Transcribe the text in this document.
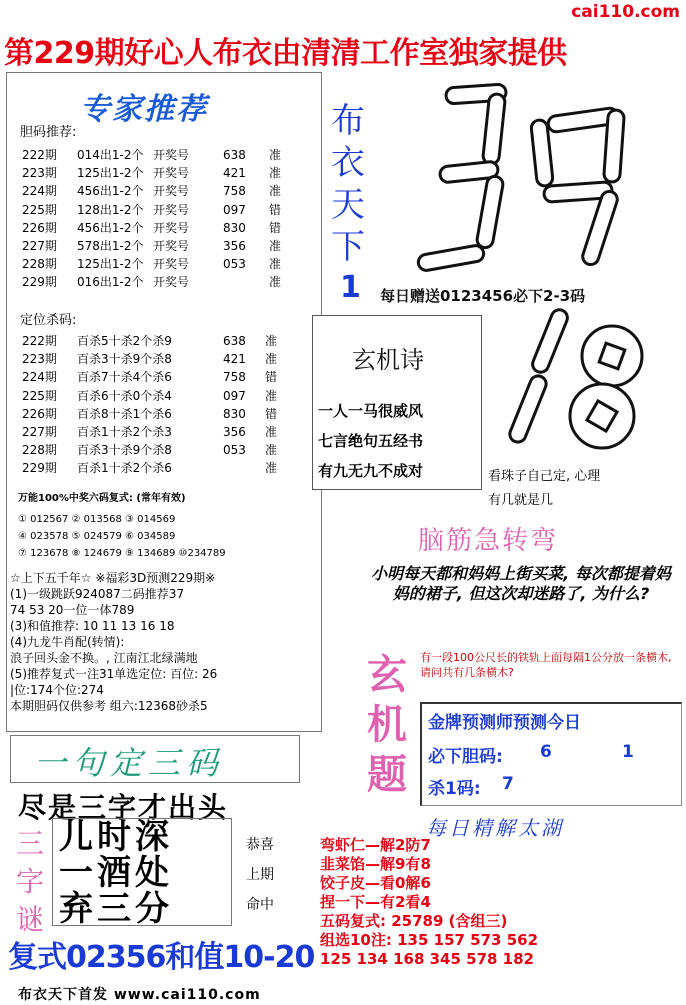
cai110.com
第229期好心人布衣由清清工作室独家提供
专家推荐
胆码推荐:
222期 014出1-2个 开奖号	638 准
223期 125出1-2个 开奖号	421 准
224期 456出1-2个 开奖号	758 准
225期 128出1-2个 开奖号	097 错
226期 456出1-2个 开奖号	830 错
227期 578出1-2个 开奖号	356 准
228期 125出1-2个 开奖号	053 准
229期 016出1-2个 开奖号	准
定位杀码:
222期 百杀5十杀2个杀9	638 准
223期 百杀3十杀9个杀8	421 准
224期 百杀7十杀4个杀6	758 错
225期 百杀6十杀0个杀4	097 准
226期 百杀8十杀1个杀6	830 错
227期 百杀1十杀2个杀3	356 准
228期 百杀3十杀9个杀8	053 准
229期 百杀1十杀2个杀6	准
万能100%中奖六码复式: (常年有效)
① 012567 ② 013568 ③ 014569
④ 023578 ⑤ 024579 ⑥ 034589
⑦ 123678 ⑧ 124679 ⑨ 134689 ⑩234789
☆上下五千年☆ ※福彩3D预测229期※
(1)一级跳跃924087二码推荐37
74 53 20一位一体789
(3)和值推荐: 10 11 13 16 18
(4)九龙牛肖配(转情):
浪子回头金不换。, 江南江北绿满地
(5)推荐复式一注31单选定位: 百位: 26
|位:174个位:274
本期胆码仅供参考 组六:12368砂杀5
布
衣
天
下
1 每日赠送0123456必下2-3码
玄机诗
一人一马很威风
七言绝句五经书
有九无九不成对	看珠子自己定, 心理
有几就是几
脑筋急转弯
小明每天都和妈妈上街买菜, 每次都提着妈妈的裙子, 但这次却迷路了, 为什么?
玄
机
题
有一段100公尺长的铁轨上面每隔1公分放一条横木, 请问共有几条横木?
金牌预测师预测今日
必下胆码: 6	1
杀1码: 7
每日精解太湖
一句定三码
尽是三字才出头
三
字
谜
儿时深
一酒处
弃三分
恭喜
上期
命中
复式02356和值10-20
布衣天下首发 www.cai110.com
弯虾仁—解2防7
韭菜馅—解9有8
饺子皮—看0解6
捏一下—有2看4
五码复式: 25789 (含组三)
组选10注: 135 157 573 562
125 134 168 345 578 182
